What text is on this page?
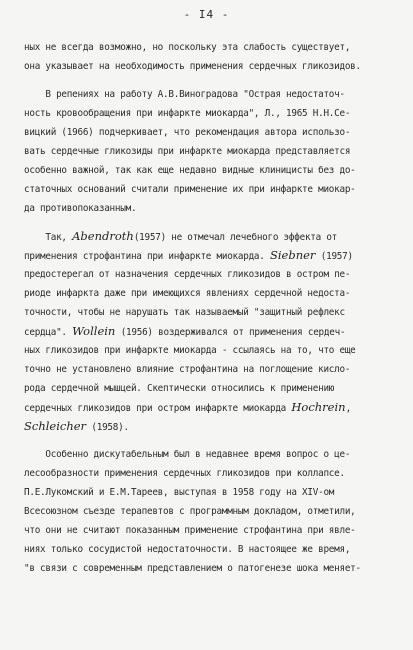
- I4 -
ных не всегда возможно, но поскольку эта слабость существует,
она указывает на необходимость применения сердечных гликозидов.
В репениях на работу А.В.Виноградова "Острая недостаточ-
ность кровообращения при инфаркте миокарда", Л., 1965 Н.Н.Се-
вицкий (1966) подчеркивает, что рекомендация автора использо-
вать сердечные гликозиды при инфаркте миокарда представляется
особенно важной, так как еще недавно видные клиницисты без до-
статочных оснований считали применение их при инфаркте миокар-
да противопоказанным.
Так, Abendroth(1957) не отмечал лечебного эффекта от
применения строфантина при инфаркте миокарда. Siebner (1957)
предостерегал от назначения сердечных гликозидов в остром пе-
риоде инфаркта даже при имеющихся явлениях сердечной недоста-
точности, чтобы не нарушать так называемый "защитный рефлекс
сердца". Wollein (1956) воздерживался от применения сердеч-
ных гликозидов при инфаркте миокарда - ссылаясь на то, что еще
точно не установлено влияние строфантина на поглощение кисло-
рода сердечной мышцей. Скептически относились к применению
сердечных гликозидов при остром инфаркте миокарда Hochrein,
Schleicher (1958).
Особенно дискутабельным был в недавнее время вопрос о це-
лесообразности применения сердечных гликозидов при коллапсе.
П.Е.Лукомский и Е.М.Тареев, выступая в 1958 году на XIV-ом
Всесоюзном съезде терапевтов с программным докладом, отметили,
что они не считают показанным применение строфантина при явле-
ниях только сосудистой недостаточности. В настоящее же время,
"в связи с современным представлением о патогенезе шока меняет-
